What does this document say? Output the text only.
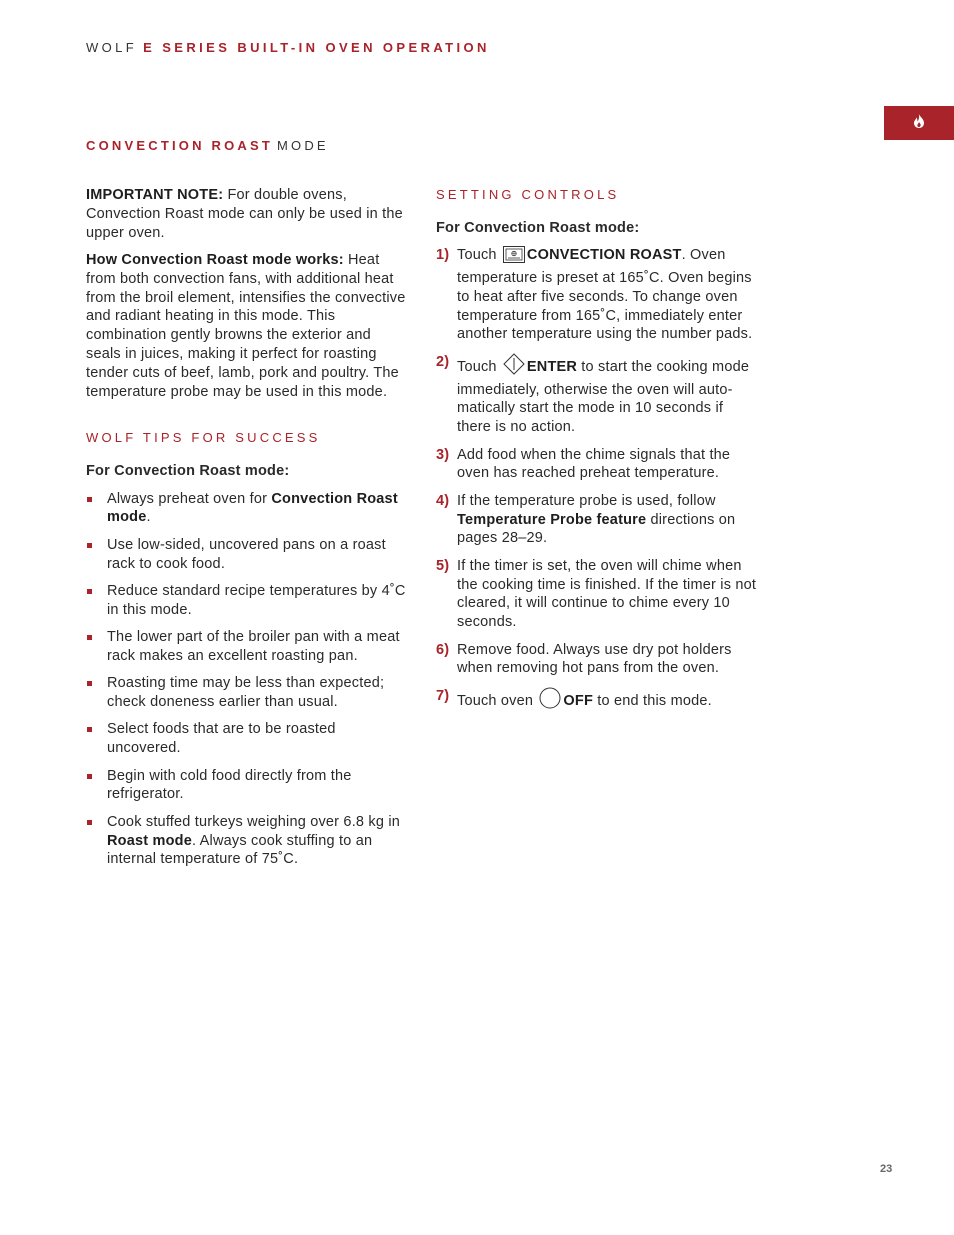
WOLF E SERIES BUILT-IN OVEN OPERATION
CONVECTION ROAST MODE

IMPORTANT NOTE: For double ovens, Convection Roast mode can only be used in the upper oven.

How Convection Roast mode works: Heat from both convection fans, with additional heat from the broil element, intensifies the convective and radiant heating in this mode. This combination gently browns the exterior and seals in juices, making it perfect for roasting tender cuts of beef, lamb, pork and poultry. The temperature probe may be used in this mode.

WOLF TIPS FOR SUCCESS
For Convection Roast mode:
Always preheat oven for Convection Roast mode.
Use low-sided, uncovered pans on a roast rack to cook food.
Reduce standard recipe temperatures by 4˚C in this mode.
The lower part of the broiler pan with a meat rack makes an excellent roasting pan.
Roasting time may be less than expected; check doneness earlier than usual.
Select foods that are to be roasted uncovered.
Begin with cold food directly from the refrigerator.
Cook stuffed turkeys weighing over 6.8 kg in Roast mode. Always cook stuffing to an internal temperature of 75˚C.
SETTING CONTROLS
For Convection Roast mode:
1) Touch CONVECTION ROAST. Oven temperature is preset at 165˚C. Oven begins to heat after five seconds. To change oven temperature from 165˚C, immediately enter another temperature using the number pads.
2) Touch ENTER to start the cooking mode immediately, otherwise the oven will auto-matically start the mode in 10 seconds if there is no action.
3) Add food when the chime signals that the oven has reached preheat temperature.
4) If the temperature probe is used, follow Temperature Probe feature directions on pages 28–29.
5) If the timer is set, the oven will chime when the cooking time is finished. If the timer is not cleared, it will continue to chime every 10 seconds.
6) Remove food. Always use dry pot holders when removing hot pans from the oven.
7) Touch oven OFF to end this mode.
23
